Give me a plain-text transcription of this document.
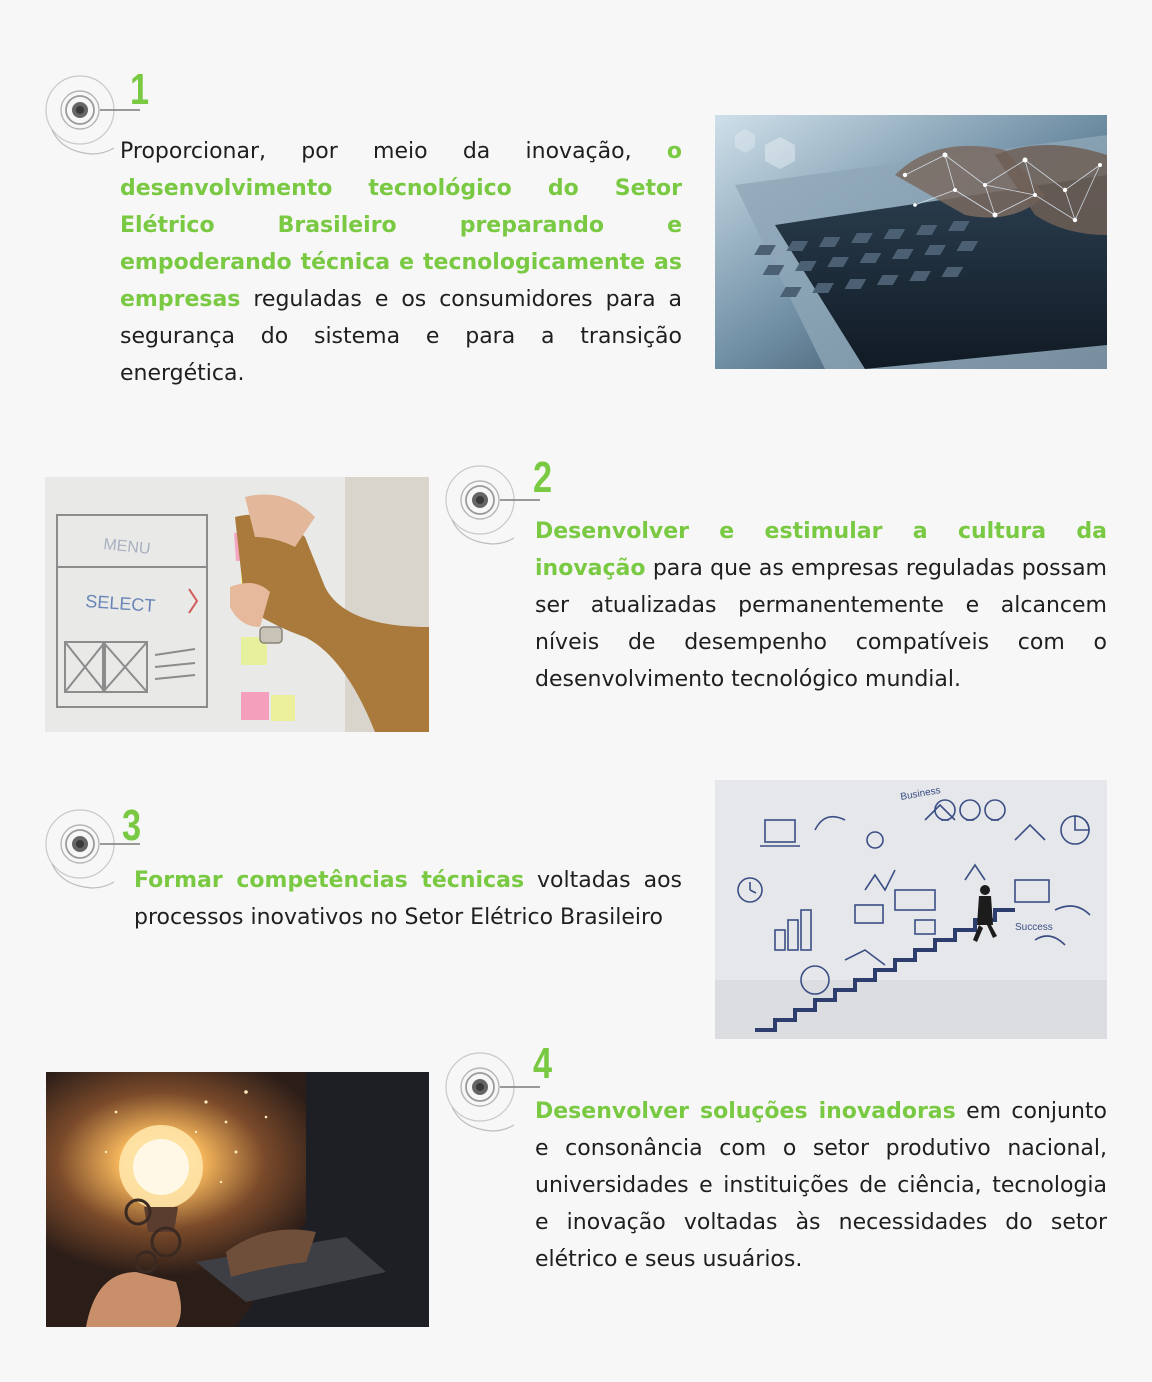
1

Proporcionar, por meio da inovação, o desenvolvimento tecnológico do Setor Elétrico Brasileiro preparando e empoderando técnica e tecnologicamente as empresas reguladas e os consumidores para a segurança do sistema e para a transição energética.

MENU
SELECT

2

Desenvolver e estimular a cultura da inovação para que as empresas reguladas possam ser atualizadas permanentemente e alcancem níveis de desempenho compatíveis com o desenvolvimento tecnológico mundial.

3

Formar competências técnicas voltadas aos processos inovativos no Setor Elétrico Brasileiro

Business
Success

4

Desenvolver soluções inovadoras em conjunto e consonância com o setor produtivo nacional, universidades e instituições de ciência, tecnologia e inovação voltadas às necessidades do setor elétrico e seus usuários.
